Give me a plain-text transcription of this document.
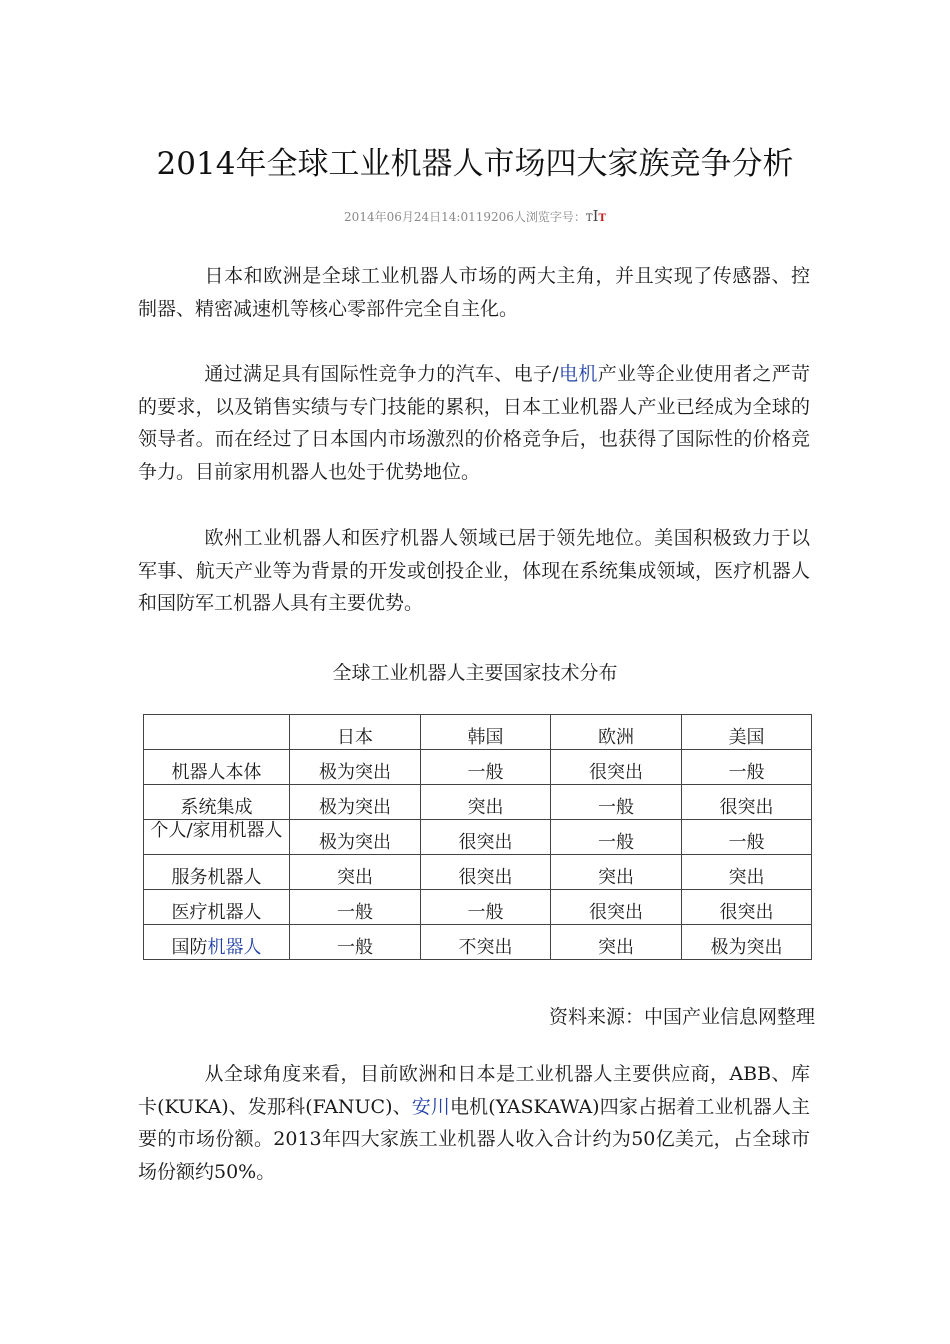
2014年全球工业机器人市场四大家族竞争分析
2014年06月24日14:0119206人浏览字号：TIT
日本和欧洲是全球工业机器人市场的两大主角，并且实现了传感器、控制器、精密减速机等核心零部件完全自主化。
通过满足具有国际性竞争力的汽车、电子/电机产业等企业使用者之严苛的要求，以及销售实绩与专门技能的累积，日本工业机器人产业已经成为全球的领导者。而在经过了日本国内市场激烈的价格竞争后，也获得了国际性的价格竞争力。目前家用机器人也处于优势地位。
欧州工业机器人和医疗机器人领域已居于领先地位。美国积极致力于以军事、航天产业等为背景的开发或创投企业，体现在系统集成领域，医疗机器人和国防军工机器人具有主要优势。
全球工业机器人主要国家技术分布
	日本	韩国	欧洲	美国
机器人本体	极为突出	一般	很突出	一般
系统集成	极为突出	突出	一般	很突出

个人/家用机器人	极为突出	很突出	一般	一般
服务机器人	突出	很突出	突出	突出
医疗机器人	一般	一般	很突出	很突出
国防机器人	一般	不突出	突出	极为突出
资料来源：中国产业信息网整理
从全球角度来看，目前欧洲和日本是工业机器人主要供应商，ABB、库卡(KUKA)、发那科(FANUC)、安川电机(YASKAWA)四家占据着工业机器人主要的市场份额。2013年四大家族工业机器人收入合计约为50亿美元，占全球市场份额约50%。
